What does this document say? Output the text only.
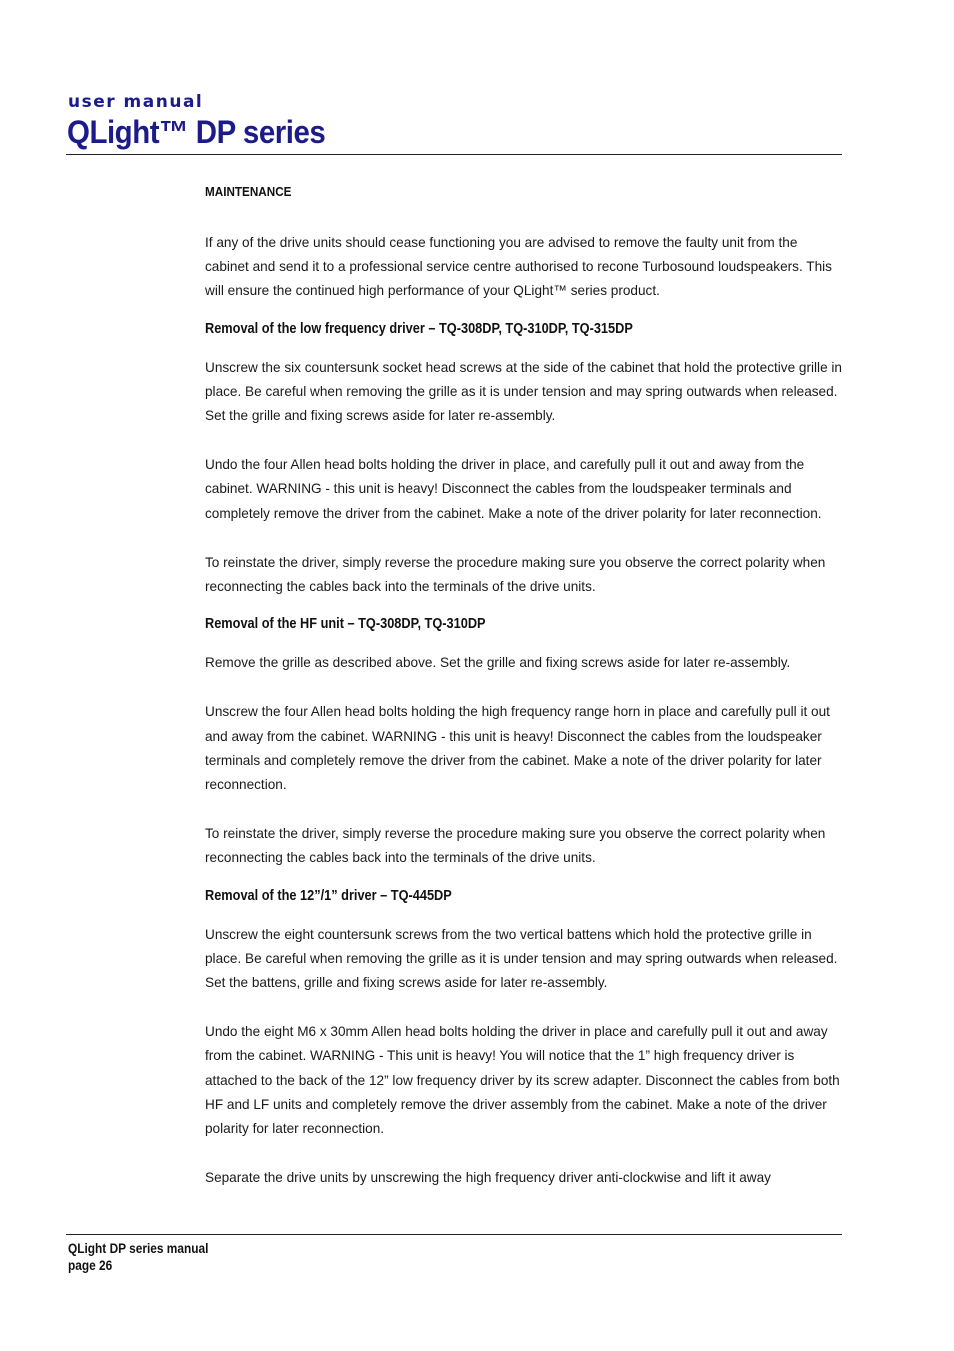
user manual
QLight™ DP series
MAINTENANCE

If any of the drive units should cease functioning you are advised to remove the faulty unit from the cabinet and send it to a professional service centre authorised to recone Turbosound loudspeakers. This will ensure the continued high performance of your QLight™ series product.

Removal of the low frequency driver – TQ-308DP, TQ-310DP, TQ-315DP

Unscrew the six countersunk socket head screws at the side of the cabinet that hold the protective grille in place. Be careful when removing the grille as it is under tension and may spring outwards when released. Set the grille and fixing screws aside for later re-assembly.

Undo the four Allen head bolts holding the driver in place, and carefully pull it out and away from the cabinet. WARNING - this unit is heavy! Disconnect the cables from the loudspeaker terminals and completely remove the driver from the cabinet. Make a note of the driver polarity for later reconnection.

To reinstate the driver, simply reverse the procedure making sure you observe the correct polarity when reconnecting the cables back into the terminals of the drive units.

Removal of the HF unit – TQ-308DP, TQ-310DP

Remove the grille as described above. Set the grille and fixing screws aside for later re-assembly.

Unscrew the four Allen head bolts holding the high frequency range horn in place and carefully pull it out and away from the cabinet. WARNING - this unit is heavy! Disconnect the cables from the loudspeaker terminals and completely remove the driver from the cabinet. Make a note of the driver polarity for later reconnection.

To reinstate the driver, simply reverse the procedure making sure you observe the correct polarity when reconnecting the cables back into the terminals of the drive units.

Removal of the 12”/1” driver – TQ-445DP

Unscrew the eight countersunk screws from the two vertical battens which hold the protective grille in place. Be careful when removing the grille as it is under tension and may spring outwards when released. Set the battens, grille and fixing screws aside for later re-assembly.

Undo the eight M6 x 30mm Allen head bolts holding the driver in place and carefully pull it out and away from the cabinet. WARNING - This unit is heavy! You will notice that the 1” high frequency driver is attached to the back of the 12” low frequency driver by its screw adapter. Disconnect the cables from both HF and LF units and completely remove the driver assembly from the cabinet. Make a note of the driver polarity for later reconnection.

Separate the drive units by unscrewing the high frequency driver anti-clockwise and lift it away

QLight DP series manual
page 26
